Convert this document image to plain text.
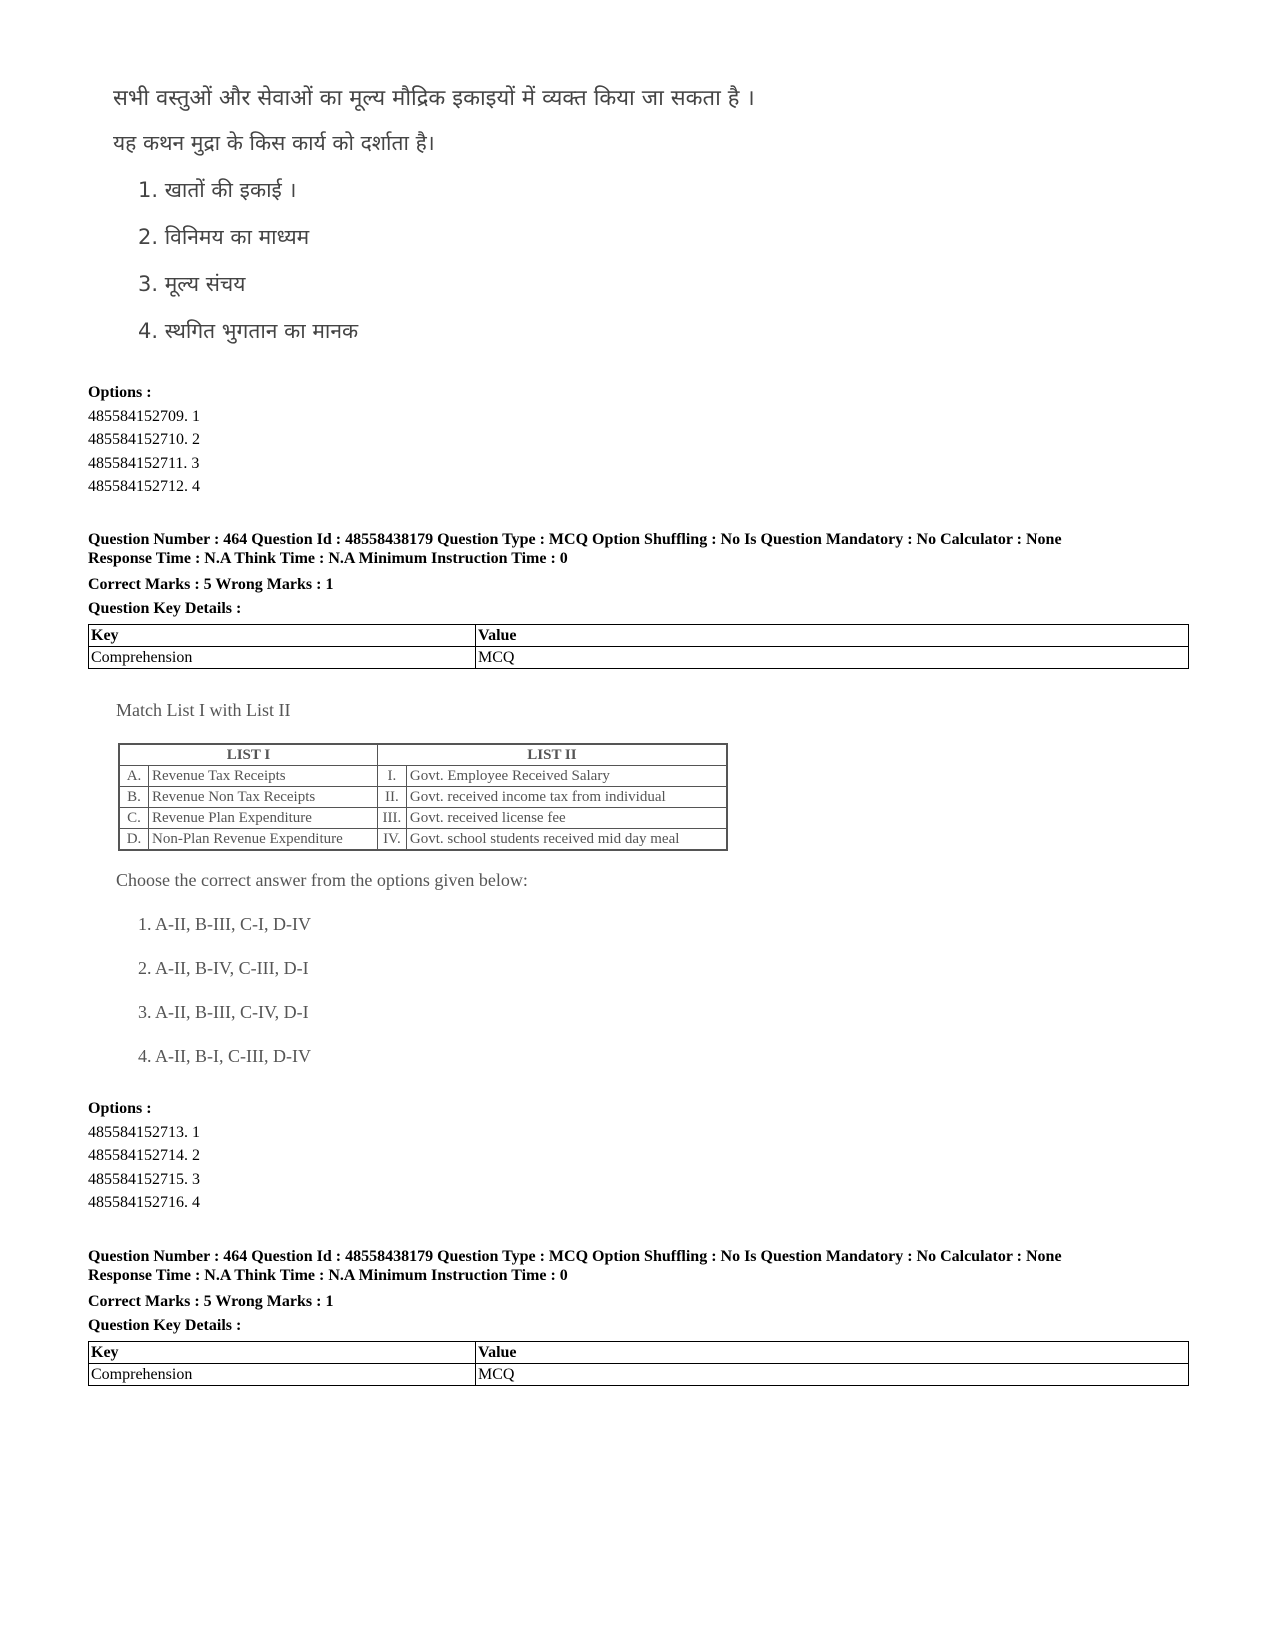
सभी वस्तुओं और सेवाओं का मूल्य मौद्रिक इकाइयों में व्यक्त किया जा सकता है ।
यह कथन मुद्रा के किस कार्य को दर्शाता है।
1. खातों की इकाई ।
2. विनिमय का माध्यम
3. मूल्य संचय
4. स्थगित भुगतान का मानक
Options :
485584152709. 1
485584152710. 2
485584152711. 3
485584152712. 4
Question Number : 464 Question Id : 48558438179 Question Type : MCQ Option Shuffling : No Is Question Mandatory : No Calculator : None
Response Time : N.A Think Time : N.A Minimum Instruction Time : 0
Correct Marks : 5 Wrong Marks : 1
Question Key Details :
Key	Value
Comprehension	MCQ
Match List I with List II
LIST I		LIST II	
A.	Revenue Tax Receipts	I.	Govt. Employee Received Salary
B.	Revenue Non Tax Receipts	II.	Govt. received income tax from individual
C.	Revenue Plan Expenditure	III.	Govt. received license fee
D.	Non-Plan Revenue Expenditure	IV.	Govt. school students received mid day meal
Choose the correct answer from the options given below:
1. A-II, B-III, C-I, D-IV
2. A-II, B-IV, C-III, D-I
3. A-II, B-III, C-IV, D-I
4. A-II, B-I, C-III, D-IV
Options :
485584152713. 1
485584152714. 2
485584152715. 3
485584152716. 4
Question Number : 464 Question Id : 48558438179 Question Type : MCQ Option Shuffling : No Is Question Mandatory : No Calculator : None
Response Time : N.A Think Time : N.A Minimum Instruction Time : 0
Correct Marks : 5 Wrong Marks : 1
Question Key Details :
Key	Value
Comprehension	MCQ
